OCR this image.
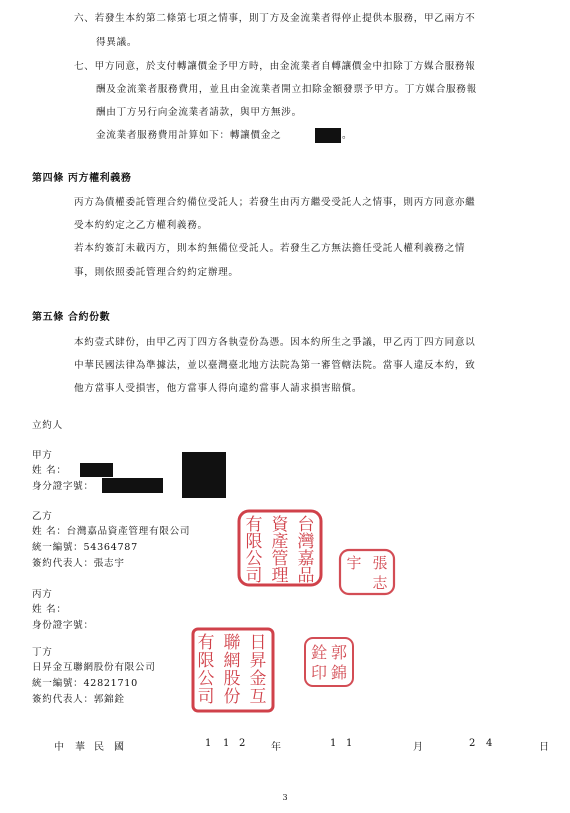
六、若發生本約第二條第七項之情事，則丁方及金流業者得停止提供本服務，甲乙兩方不
得異議。
七、甲方同意，於支付轉讓價金予甲方時，由金流業者自轉讓價金中扣除丁方媒合服務報
酬及金流業者服務費用，並且由金流業者開立扣除金額發票予甲方。丁方媒合服務報
酬由丁方另行向金流業者請款，與甲方無涉。
金流業者服務費用計算如下：轉讓價金之	。
第四條 丙方權利義務
丙方為債權委託管理合約備位受託人；若發生由丙方繼受受託人之情事，則丙方同意亦繼
受本約約定之乙方權利義務。
若本約簽訂未載丙方，則本約無備位受託人。若發生乙方無法擔任受託人權利義務之情
事，則依照委託管理合約約定辦理。
第五條 合約份數
本約壹式肆份，由甲乙丙丁四方各執壹份為憑。因本約所生之爭議，甲乙丙丁四方同意以
中華民國法律為準據法，並以臺灣臺北地方法院為第一審管轄法院。當事人違反本約，致
他方當事人受損害，他方當事人得向違約當事人請求損害賠償。
立約人
甲方
姓 名：
身分證字號：
乙方
姓 名：台灣嘉品資產管理有限公司
統一編號：54364787
簽約代表人：張志宇
丙方
姓 名：
身份證字號：
丁方
日昇金互聯網股份有限公司
統一編號：42821710
簽約代表人：郭錦銓
台
灣
嘉
品
資
產
管
理
有
限
公
司
張
志
宇
日
昇
金
互
聯
網
股
份
有
限
公
司
郭
錦
銓
印
中 華 民 國	1 1 2	年	1 1	月	2 4	日
3
